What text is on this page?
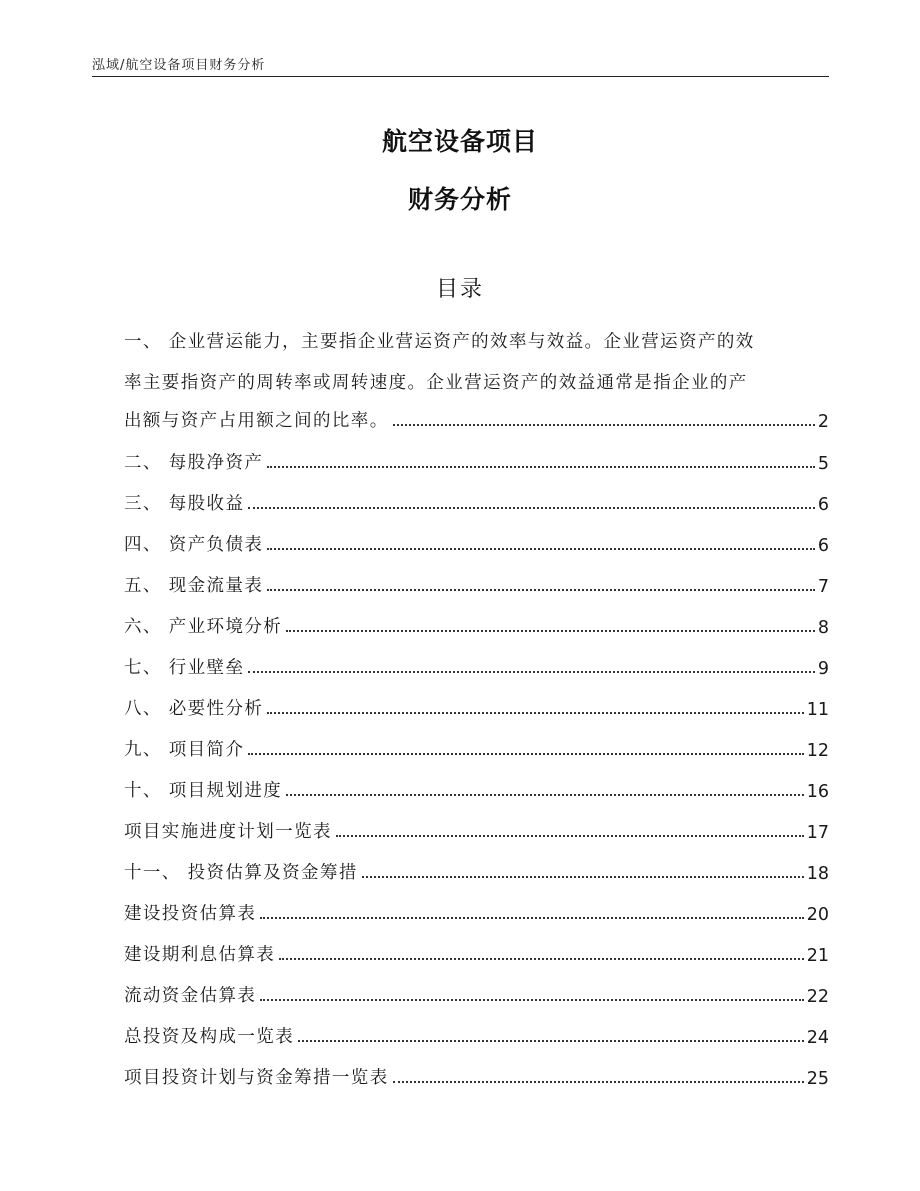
泓域/航空设备项目财务分析
航空设备项目
财务分析
目录
一、 企业营运能力，主要指企业营运资产的效率与效益。企业营运资产的效
率主要指资产的周转率或周转速度。企业营运资产的效益通常是指企业的产
出额与资产占用额之间的比率。	2
二、 每股净资产	5
三、 每股收益	6
四、 资产负债表	6
五、 现金流量表	7
六、 产业环境分析	8
七、 行业壁垒	9
八、 必要性分析	11
九、 项目简介	12
十、 项目规划进度	16
项目实施进度计划一览表	17
十一、 投资估算及资金筹措	18
建设投资估算表	20
建设期利息估算表	21
流动资金估算表	22
总投资及构成一览表	24
项目投资计划与资金筹措一览表	25
